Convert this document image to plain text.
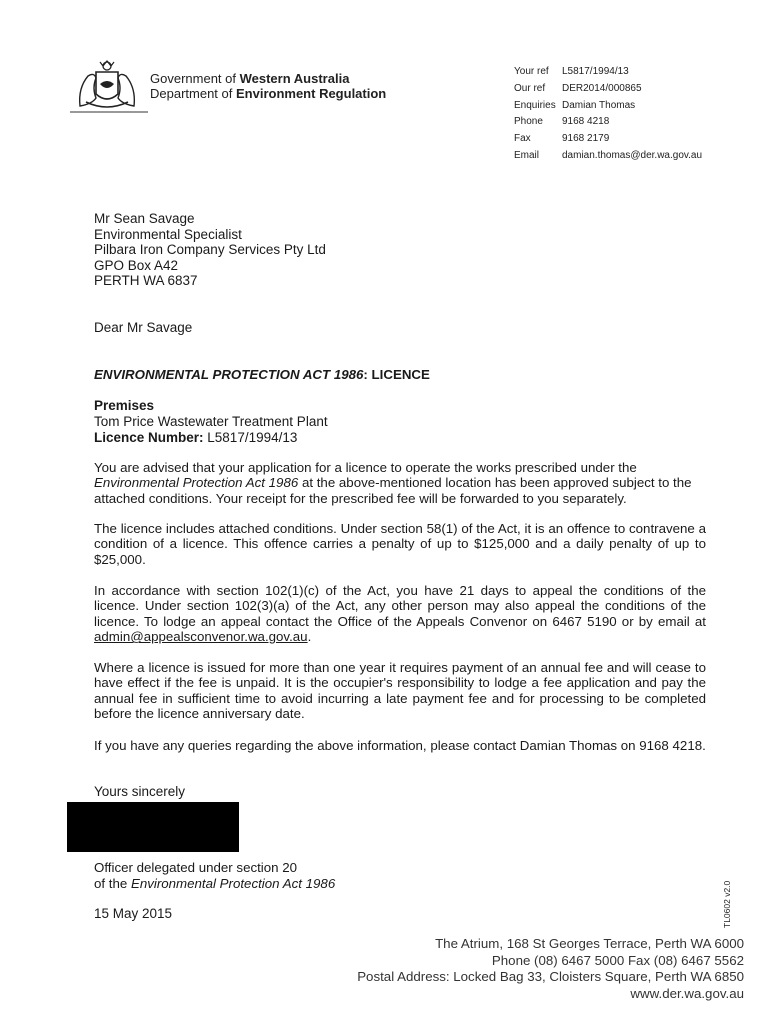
Government of Western Australia
Department of Environment Regulation
Your ref	L5817/1994/13
Our ref	DER2014/000865
Enquiries Damian Thomas
Phone	9168 4218
Fax	9168 2179
Email	damian.thomas@der.wa.gov.au
Mr Sean Savage
Environmental Specialist
Pilbara Iron Company Services Pty Ltd
GPO Box A42
PERTH WA 6837
Dear Mr Savage
ENVIRONMENTAL PROTECTION ACT 1986: LICENCE
Premises
Tom Price Wastewater Treatment Plant
Licence Number: L5817/1994/13
You are advised that your application for a licence to operate the works prescribed under the Environmental Protection Act 1986 at the above-mentioned location has been approved subject to the attached conditions. Your receipt for the prescribed fee will be forwarded to you separately.
The licence includes attached conditions. Under section 58(1) of the Act, it is an offence to contravene a condition of a licence. This offence carries a penalty of up to $125,000 and a daily penalty of up to $25,000.
In accordance with section 102(1)(c) of the Act, you have 21 days to appeal the conditions of the licence. Under section 102(3)(a) of the Act, any other person may also appeal the conditions of the licence. To lodge an appeal contact the Office of the Appeals Convenor on 6467 5190 or by email at admin@appealsconvenor.wa.gov.au.
Where a licence is issued for more than one year it requires payment of an annual fee and will cease to have effect if the fee is unpaid. It is the occupier's responsibility to lodge a fee application and pay the annual fee in sufficient time to avoid incurring a late payment fee and for processing to be completed before the licence anniversary date.
If you have any queries regarding the above information, please contact Damian Thomas on 9168 4218.
Yours sincerely
Officer delegated under section 20
of the Environmental Protection Act 1986
15 May 2015	TL0602 v2.0
The Atrium, 168 St Georges Terrace, Perth WA 6000
Phone (08) 6467 5000 Fax (08) 6467 5562
Postal Address: Locked Bag 33, Cloisters Square, Perth WA 6850
www.der.wa.gov.au
